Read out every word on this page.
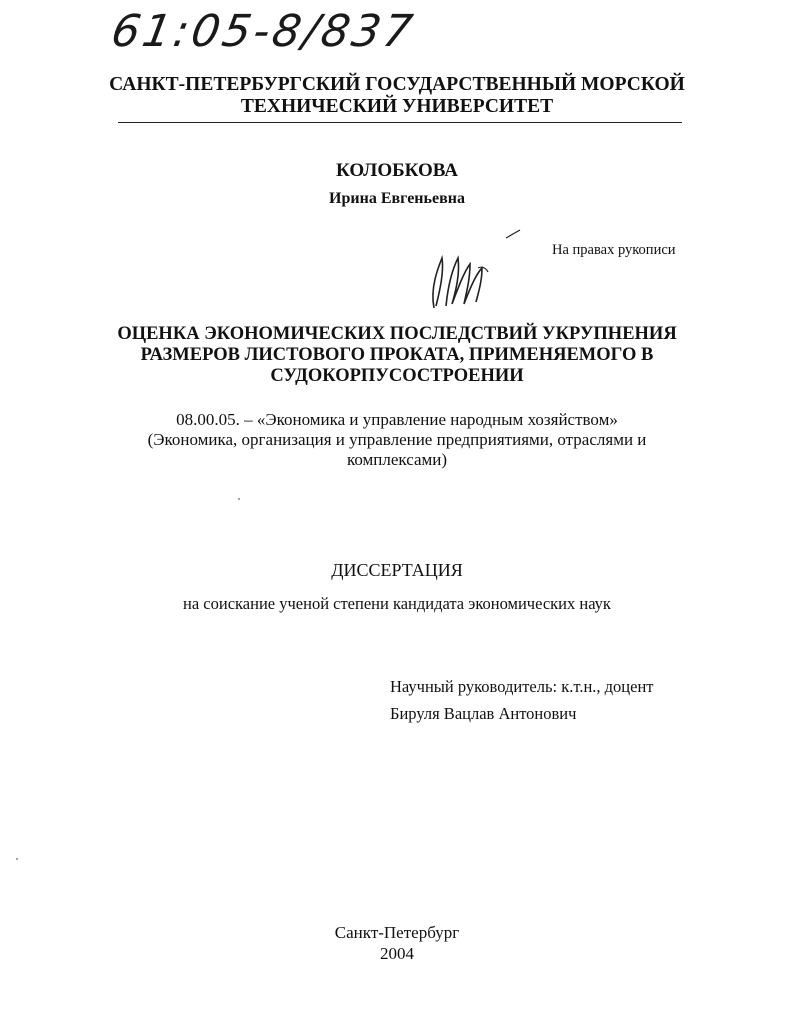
61:05-8/837
САНКТ-ПЕТЕРБУРГСКИЙ ГОСУДАРСТВЕННЫЙ МОРСКОЙ
ТЕХНИЧЕСКИЙ УНИВЕРСИТЕТ
КОЛОБКОВА
Ирина Евгеньевна
На правах рукописи
ОЦЕНКА ЭКОНОМИЧЕСКИХ ПОСЛЕДСТВИЙ УКРУПНЕНИЯ
РАЗМЕРОВ ЛИСТОВОГО ПРОКАТА, ПРИМЕНЯЕМОГО В
СУДОКОРПУСОСТРОЕНИИ
08.00.05. – «Экономика и управление народным хозяйством»
(Экономика, организация и управление предприятиями, отраслями и
комплексами)
ДИССЕРТАЦИЯ
на соискание ученой степени кандидата экономических наук
Научный руководитель: к.т.н., доцент
Бируля Вацлав Антонович
Санкт-Петербург
2004
